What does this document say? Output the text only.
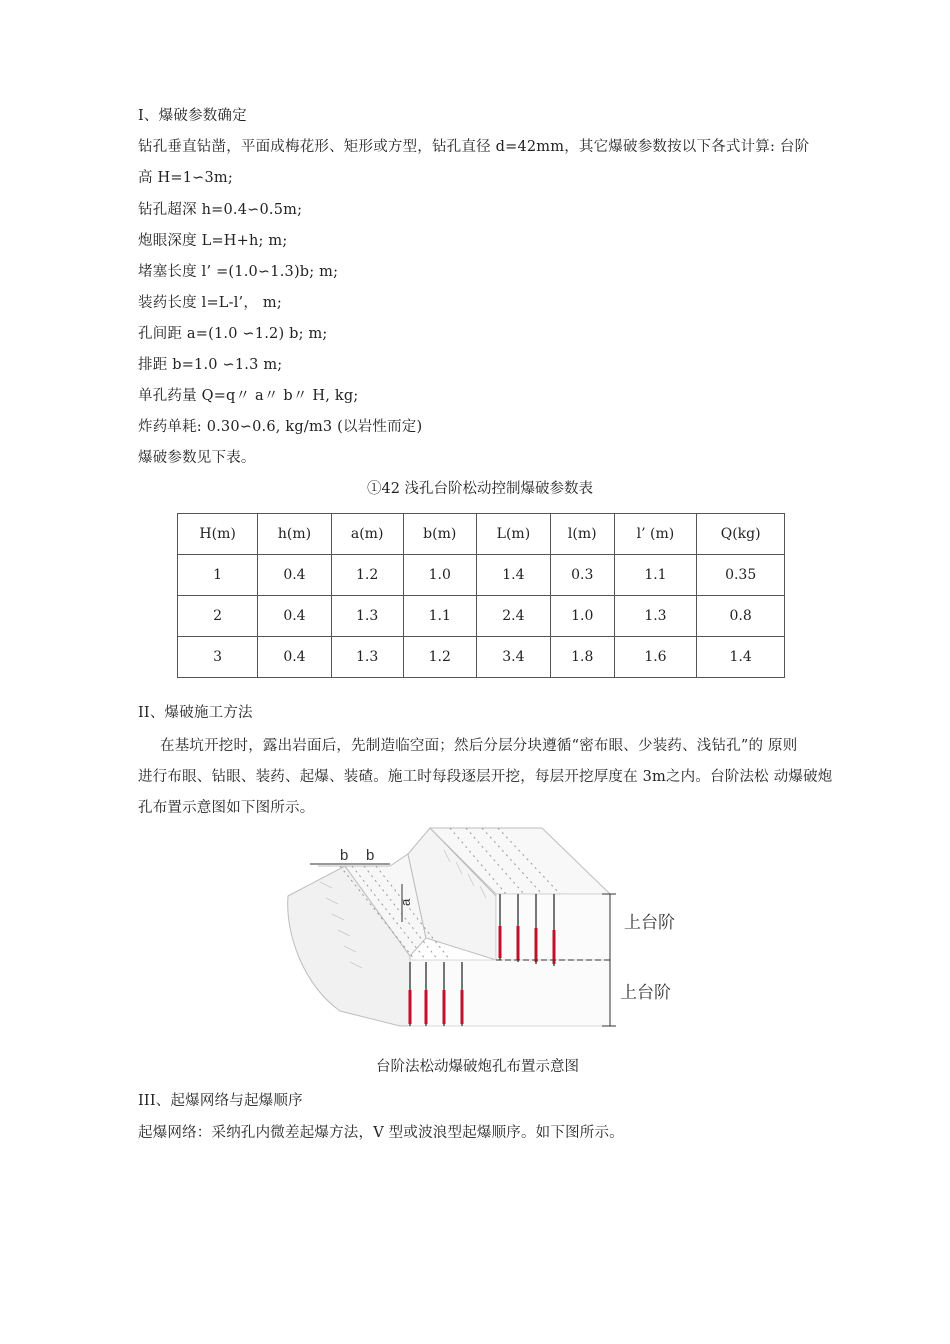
I、爆破参数确定
钻孔垂直钻凿，平面成梅花形、矩形或方型，钻孔直径 d=42mm，其它爆破参数按以下各式计算: 台阶
高 H=1∽3m;
钻孔超深 h=0.4∽0.5m;
炮眼深度 L=H+h; m;
堵塞长度 l’ =(1.0∽1.3)b; m;
装药长度 l=L-l’， m;
孔间距 a=(1.0 ∽1.2) b; m;
排距 b=1.0 ∽1.3 m;
单孔药量 Q=q〃 a〃 b〃 H, kg;
炸药单耗: 0.30∽0.6, kg/m3 (以岩性而定)
爆破参数见下表。
①42 浅孔台阶松动控制爆破参数表
H(m)	h(m)	a(m)	b(m)	L(m)	l(m)	l’ (m)	Q(kg)
1	0.4	1.2	1.0	1.4	0.3	1.1	0.35
2	0.4	1.3	1.1	2.4	1.0	1.3	0.8
3	0.4	1.3	1.2	3.4	1.8	1.6	1.4
II、爆破施工方法
在基坑开挖时，露出岩面后，先制造临空面；然后分层分块遵循“密布眼、少装药、浅钻孔”的 原则
进行布眼、钻眼、装药、起爆、装碴。施工时每段逐层开挖，每层开挖厚度在 3m之内。台阶法松 动爆破炮
孔布置示意图如下图所示。
b b
a
上台阶
上台阶
台阶法松动爆破炮孔布置示意图
III、起爆网络与起爆顺序
起爆网络：采纳孔内微差起爆方法，V 型或波浪型起爆顺序。如下图所示。
